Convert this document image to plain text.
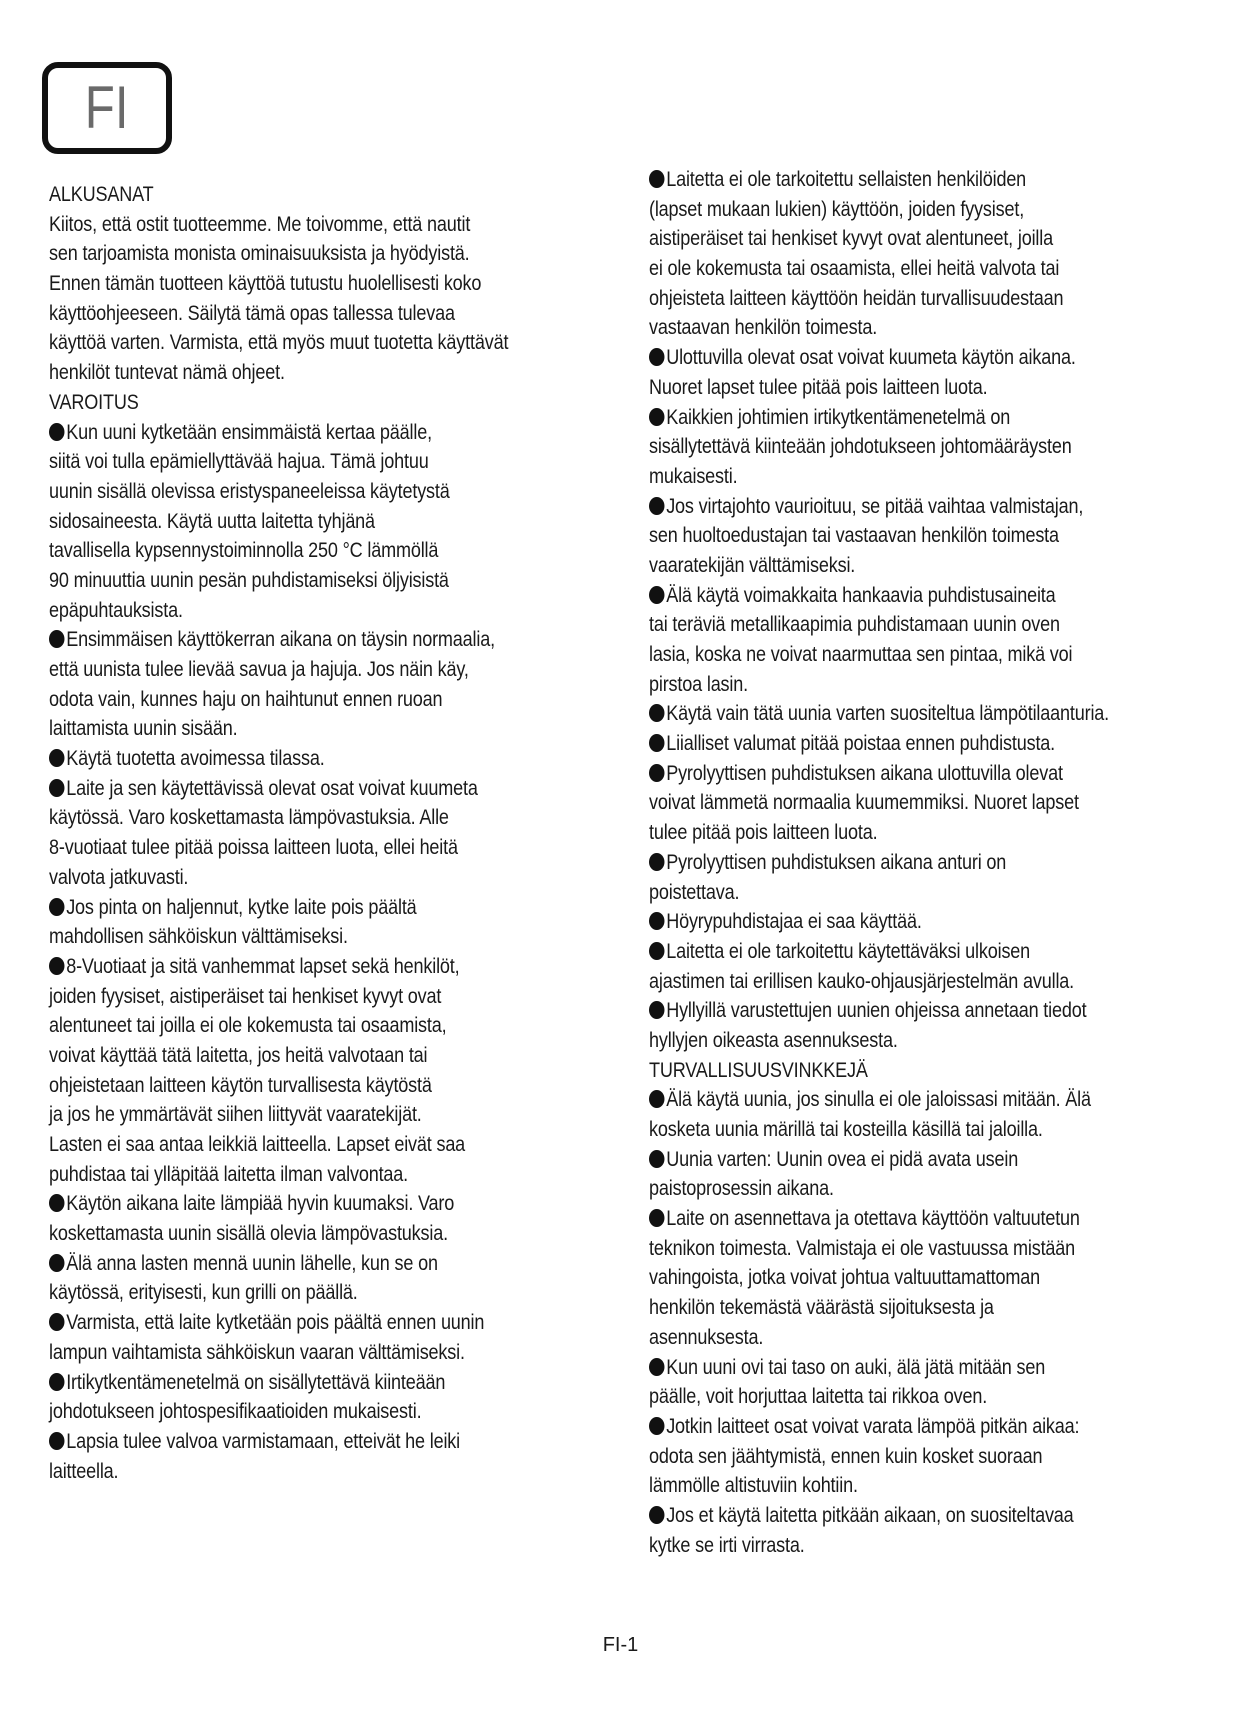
FI
ALKUSANAT
Kiitos, että ostit tuotteemme. Me toivomme, että nautit
sen tarjoamista monista ominaisuuksista ja hyödyistä.
Ennen tämän tuotteen käyttöä tutustu huolellisesti koko
käyttöohjeeseen. Säilytä tämä opas tallessa tulevaa
käyttöä varten. Varmista, että myös muut tuotetta käyttävät
henkilöt tuntevat nämä ohjeet.
VAROITUS
Kun uuni kytketään ensimmäistä kertaa päälle,
siitä voi tulla epämiellyttävää hajua. Tämä johtuu
uunin sisällä olevissa eristyspaneeleissa käytetystä
sidosaineesta. Käytä uutta laitetta tyhjänä
tavallisella kypsennystoiminnolla 250 °C lämmöllä
90 minuuttia uunin pesän puhdistamiseksi öljyisistä
epäpuhtauksista.
Ensimmäisen käyttökerran aikana on täysin normaalia,
että uunista tulee lievää savua ja hajuja. Jos näin käy,
odota vain, kunnes haju on haihtunut ennen ruoan
laittamista uunin sisään.
Käytä tuotetta avoimessa tilassa.
Laite ja sen käytettävissä olevat osat voivat kuumeta
käytössä. Varo koskettamasta lämpövastuksia. Alle
8-vuotiaat tulee pitää poissa laitteen luota, ellei heitä
valvota jatkuvasti.
Jos pinta on haljennut, kytke laite pois päältä
mahdollisen sähköiskun välttämiseksi.
8-Vuotiaat ja sitä vanhemmat lapset sekä henkilöt,
joiden fyysiset, aistiperäiset tai henkiset kyvyt ovat
alentuneet tai joilla ei ole kokemusta tai osaamista,
voivat käyttää tätä laitetta, jos heitä valvotaan tai
ohjeistetaan laitteen käytön turvallisesta käytöstä
ja jos he ymmärtävät siihen liittyvät vaaratekijät.
Lasten ei saa antaa leikkiä laitteella. Lapset eivät saa
puhdistaa tai ylläpitää laitetta ilman valvontaa.
Käytön aikana laite lämpiää hyvin kuumaksi. Varo
koskettamasta uunin sisällä olevia lämpövastuksia.
Älä anna lasten mennä uunin lähelle, kun se on
käytössä, erityisesti, kun grilli on päällä.
Varmista, että laite kytketään pois päältä ennen uunin
lampun vaihtamista sähköiskun vaaran välttämiseksi.
Irtikytkentämenetelmä on sisällytettävä kiinteään
johdotukseen johtospesifikaatioiden mukaisesti.
Lapsia tulee valvoa varmistamaan, etteivät he leiki
laitteella.
Laitetta ei ole tarkoitettu sellaisten henkilöiden
(lapset mukaan lukien) käyttöön, joiden fyysiset,
aistiperäiset tai henkiset kyvyt ovat alentuneet, joilla
ei ole kokemusta tai osaamista, ellei heitä valvota tai
ohjeisteta laitteen käyttöön heidän turvallisuudestaan
vastaavan henkilön toimesta.
Ulottuvilla olevat osat voivat kuumeta käytön aikana.
Nuoret lapset tulee pitää pois laitteen luota.
Kaikkien johtimien irtikytkentämenetelmä on
sisällytettävä kiinteään johdotukseen johtomääräysten
mukaisesti.
Jos virtajohto vaurioituu, se pitää vaihtaa valmistajan,
sen huoltoedustajan tai vastaavan henkilön toimesta
vaaratekijän välttämiseksi.
Älä käytä voimakkaita hankaavia puhdistusaineita
tai teräviä metallikaapimia puhdistamaan uunin oven
lasia, koska ne voivat naarmuttaa sen pintaa, mikä voi
pirstoa lasin.
Käytä vain tätä uunia varten suositeltua lämpötilaanturia.
Liialliset valumat pitää poistaa ennen puhdistusta.
Pyrolyyttisen puhdistuksen aikana ulottuvilla olevat
voivat lämmetä normaalia kuumemmiksi. Nuoret lapset
tulee pitää pois laitteen luota.
Pyrolyyttisen puhdistuksen aikana anturi on
poistettava.
Höyrypuhdistajaa ei saa käyttää.
Laitetta ei ole tarkoitettu käytettäväksi ulkoisen
ajastimen tai erillisen kauko-ohjausjärjestelmän avulla.
Hyllyillä varustettujen uunien ohjeissa annetaan tiedot
hyllyjen oikeasta asennuksesta.
TURVALLISUUSVINKKEJÄ
Älä käytä uunia, jos sinulla ei ole jaloissasi mitään. Älä
kosketa uunia märillä tai kosteilla käsillä tai jaloilla.
Uunia varten: Uunin ovea ei pidä avata usein
paistoprosessin aikana.
Laite on asennettava ja otettava käyttöön valtuutetun
teknikon toimesta. Valmistaja ei ole vastuussa mistään
vahingoista, jotka voivat johtua valtuuttamattoman
henkilön tekemästä väärästä sijoituksesta ja
asennuksesta.
Kun uuni ovi tai taso on auki, älä jätä mitään sen
päälle, voit horjuttaa laitetta tai rikkoa oven.
Jotkin laitteet osat voivat varata lämpöä pitkän aikaa:
odota sen jäähtymistä, ennen kuin kosket suoraan
lämmölle altistuviin kohtiin.
Jos et käytä laitetta pitkään aikaan, on suositeltavaa
kytke se irti virrasta.
FI-1
